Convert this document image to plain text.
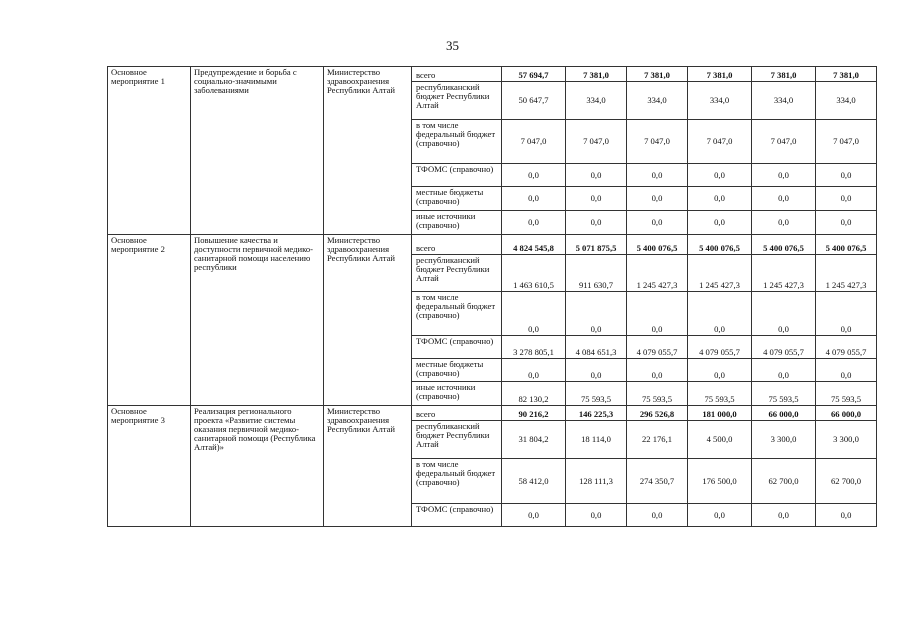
35
Основное мероприятие 1	Предупреждение и борьба с социально-значимыми заболеваниями	Министерство здравоохранения Республики Алтай	всего	57 694,7	7 381,0	7 381,0	7 381,0	7 381,0	7 381,0
			республиканский бюджет Республики Алтай	50 647,7	334,0	334,0	334,0	334,0	334,0
			в том числе федеральный бюджет (справочно)	7 047,0	7 047,0	7 047,0	7 047,0	7 047,0	7 047,0
			ТФОМС (справочно)	0,0	0,0	0,0	0,0	0,0	0,0
			местные бюджеты (справочно)	0,0	0,0	0,0	0,0	0,0	0,0
			иные источники (справочно)	0,0	0,0	0,0	0,0	0,0	0,0
Основное мероприятие 2	Повышение качества и доступности первичной медико-санитарной помощи населению республики	Министерство здравоохранения Республики Алтай	всего	4 824 545,8	5 071 875,5	5 400 076,5	5 400 076,5	5 400 076,5	5 400 076,5
			республиканский бюджет Республики Алтай	1 463 610,5	911 630,7	1 245 427,3	1 245 427,3	1 245 427,3	1 245 427,3
			в том числе федеральный бюджет (справочно)	0,0	0,0	0,0	0,0	0,0	0,0
			ТФОМС (справочно)	3 278 805,1	4 084 651,3	4 079 055,7	4 079 055,7	4 079 055,7	4 079 055,7
			местные бюджеты (справочно)	0,0	0,0	0,0	0,0	0,0	0,0
			иные источники (справочно)	82 130,2	75 593,5	75 593,5	75 593,5	75 593,5	75 593,5
Основное мероприятие 3	Реализация регионального проекта «Развитие системы оказания первичной медико-санитарной помощи (Республика Алтай)»	Министерство здравоохранения Республики Алтай	всего	90 216,2	146 225,3	296 526,8	181 000,0	66 000,0	66 000,0
			республиканский бюджет Республики Алтай	31 804,2	18 114,0	22 176,1	4 500,0	3 300,0	3 300,0
			в том числе федеральный бюджет (справочно)	58 412,0	128 111,3	274 350,7	176 500,0	62 700,0	62 700,0
			ТФОМС (справочно)	0,0	0,0	0,0	0,0	0,0	0,0
